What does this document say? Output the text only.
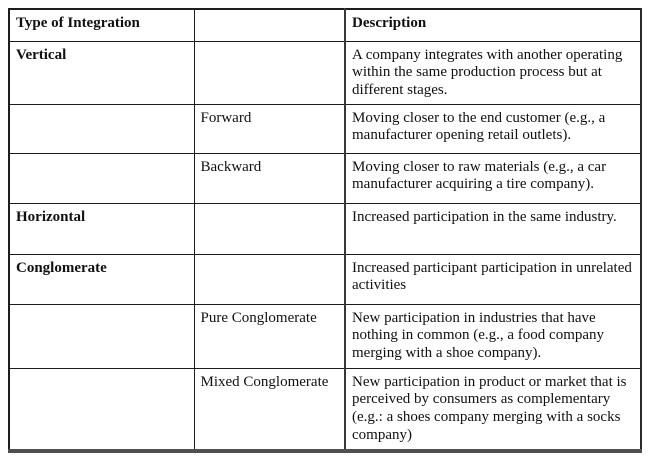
Type of Integration		Description
Vertical		A company integrates with another operating within the same production process but at different stages.
	Forward	Moving closer to the end customer (e.g., a manufacturer opening retail outlets).
	Backward	Moving closer to raw materials (e.g., a car manufacturer acquiring a tire company).
Horizontal		Increased participation in the same industry.
Conglomerate		Increased participant participation in unrelated activities
	Pure Conglomerate	New participation in industries that have nothing in common (e.g., a food company merging with a shoe company).
	Mixed Conglomerate	New participation in product or market that is perceived by consumers as complementary (e.g.: a shoes company merging with a socks company)
